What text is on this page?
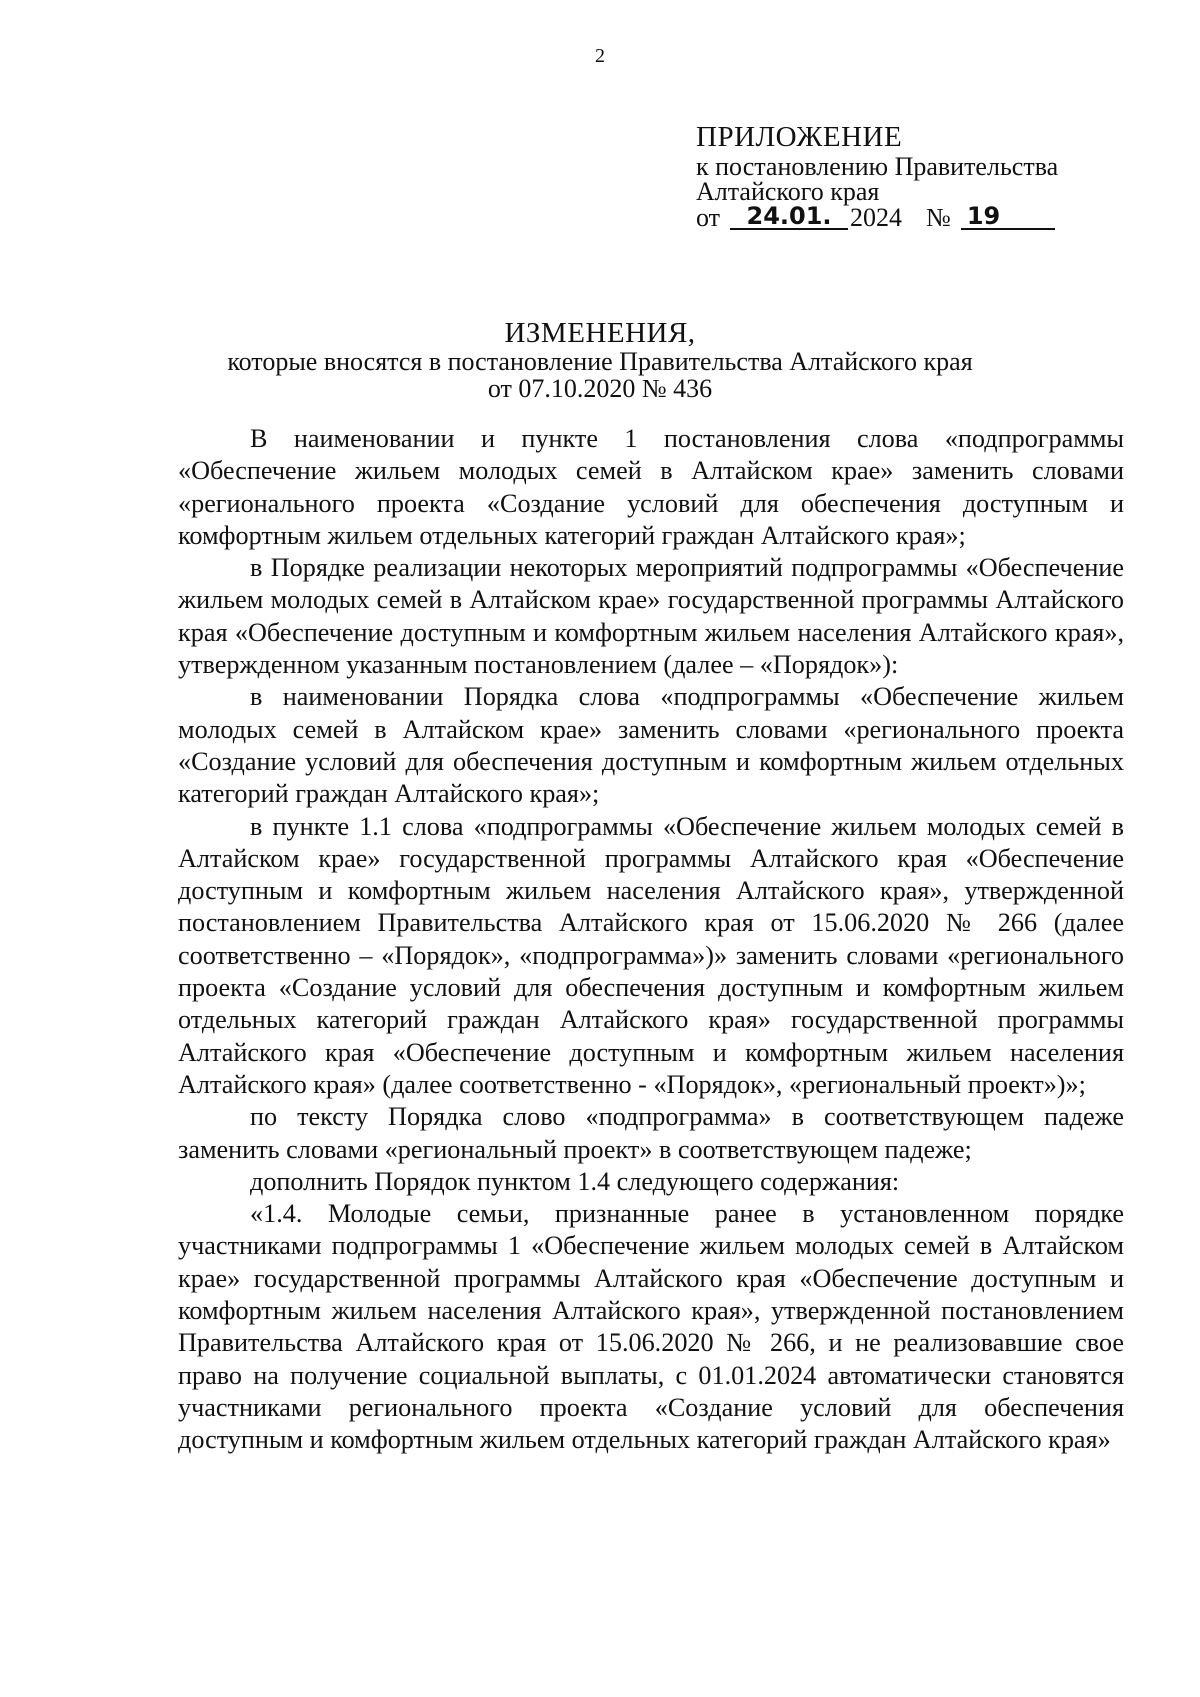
2
ПРИЛОЖЕНИЕ
к постановлению Правительства
Алтайского края
от	24.01. 2024 № 19
ИЗМЕНЕНИЯ,
которые вносятся в постановление Правительства Алтайского края
от 07.10.2020 № 436

В наименовании и пункте 1 постановления слова «подпрограммы «Обеспечение жильем молодых семей в Алтайском крае» заменить словами «регионального проекта «Создание условий для обеспечения доступным и комфортным жильем отдельных категорий граждан Алтайского края»;

в Порядке реализации некоторых мероприятий подпрограммы «Обеспечение жильем молодых семей в Алтайском крае» государственной программы Алтайского края «Обеспечение доступным и комфортным жильем населения Алтайского края», утвержденном указанным постановлением (далее – «Порядок»):

в наименовании Порядка слова «подпрограммы «Обеспечение жильем молодых семей в Алтайском крае» заменить словами «регионального проекта «Создание условий для обеспечения доступным и комфортным жильем отдельных категорий граждан Алтайского края»;

в пункте 1.1 слова «подпрограммы «Обеспечение жильем молодых семей в Алтайском крае» государственной программы Алтайского края «Обеспечение доступным и комфортным жильем населения Алтайского края», утвержденной постановлением Правительства Алтайского края от 15.06.2020 № 266 (далее соответственно – «Порядок», «подпрограмма»)» заменить словами «регионального проекта «Создание условий для обеспечения доступным и комфортным жильем отдельных категорий граждан Алтайского края» государственной программы Алтайского края «Обеспечение доступным и комфортным жильем населения Алтайского края» (далее соответственно - «Порядок», «региональный проект»)»;

по тексту Порядка слово «подпрограмма» в соответствующем падеже заменить словами «региональный проект» в соответствующем падеже;

дополнить Порядок пунктом 1.4 следующего содержания:

«1.4. Молодые семьи, признанные ранее в установленном порядке участниками подпрограммы 1 «Обеспечение жильем молодых семей в Алтайском крае» государственной программы Алтайского края «Обеспечение доступным и комфортным жильем населения Алтайского края», утвержденной постановлением Правительства Алтайского края от 15.06.2020 № 266, и не реализовавшие свое право на получение социальной выплаты, с 01.01.2024 автоматически становятся участниками регионального проекта «Создание условий для обеспечения доступным и комфортным жильем отдельных категорий граждан Алтайского края»
